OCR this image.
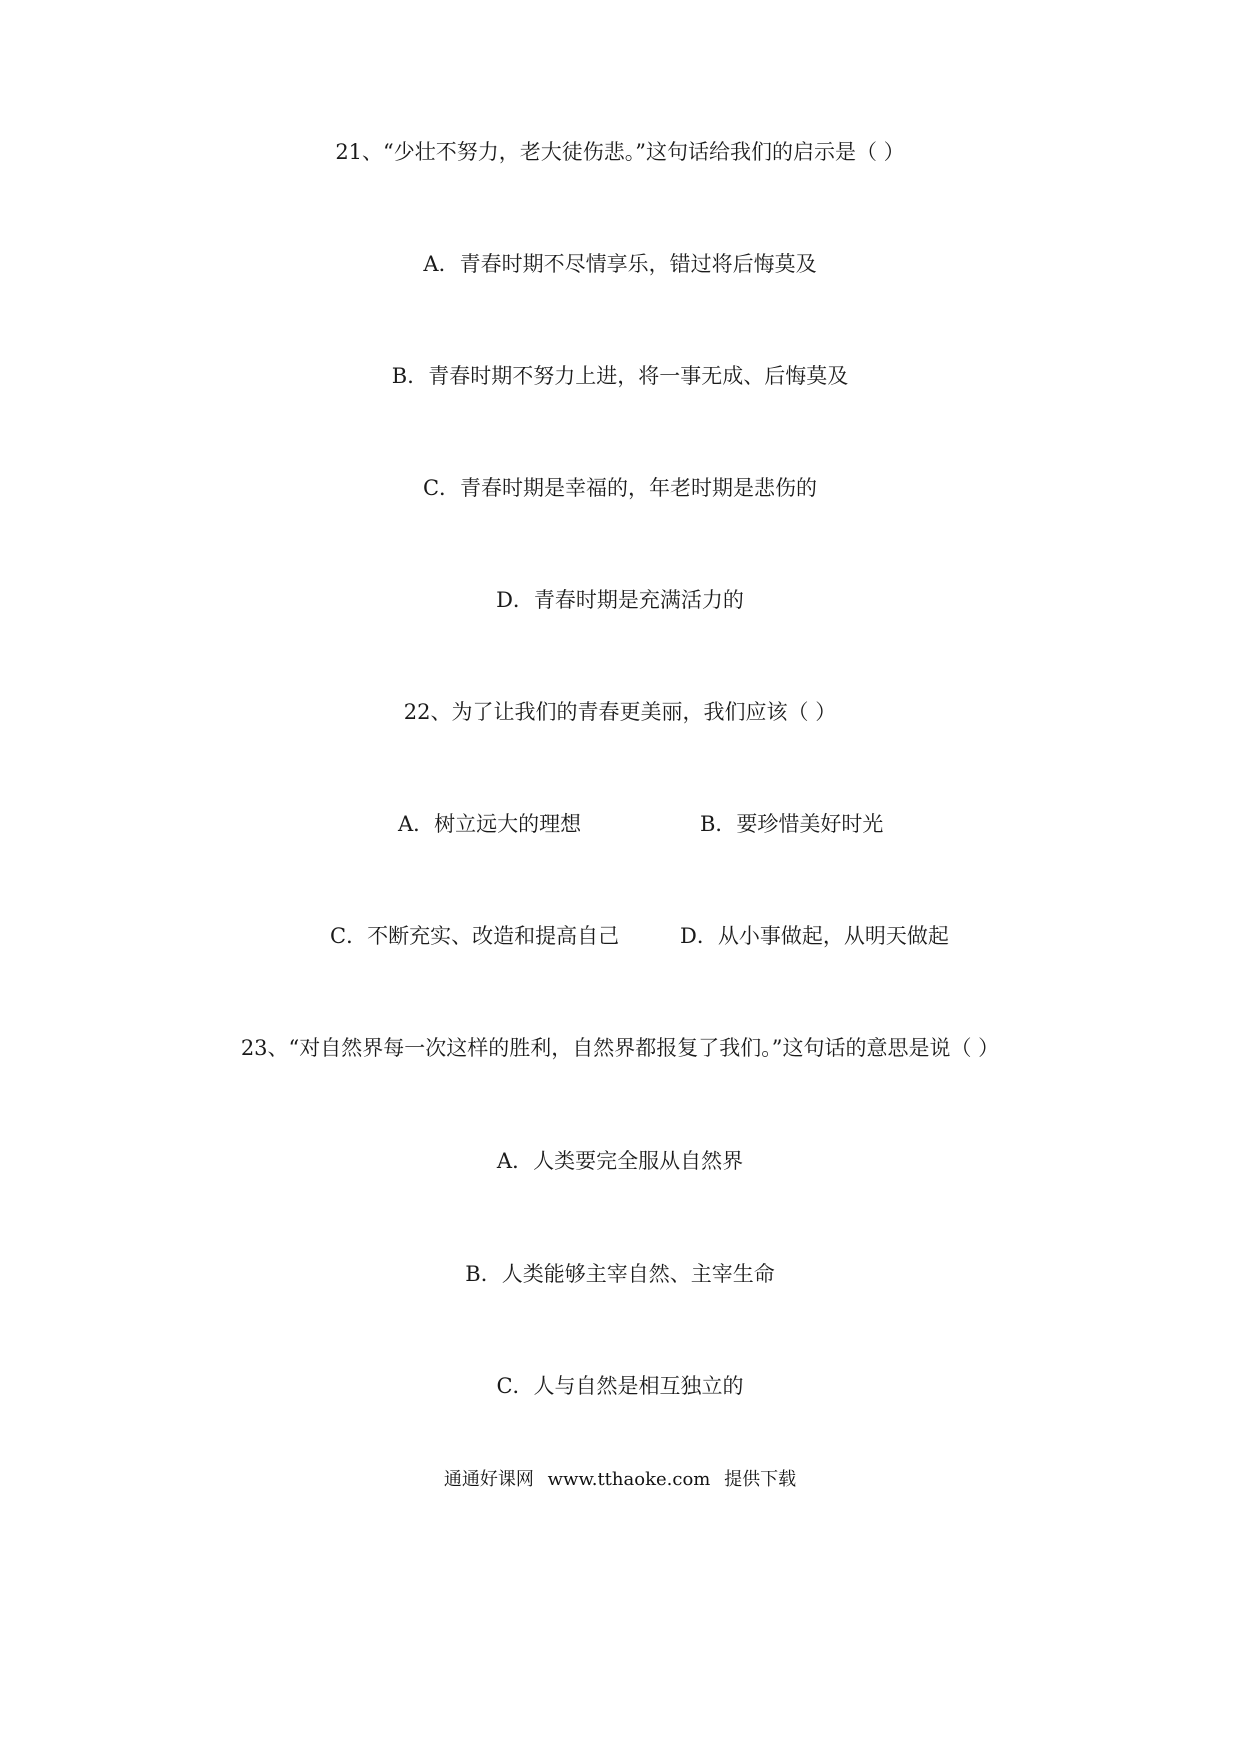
21、“少壮不努力，老大徒伤悲。”这句话给我们的启示是（ ）
A．青春时期不尽情享乐，错过将后悔莫及
B．青春时期不努力上进，将一事无成、后悔莫及
C．青春时期是幸福的，年老时期是悲伤的
D．青春时期是充满活力的
22、为了让我们的青春更美丽，我们应该（ ）
A．树立远大的理想	B．要珍惜美好时光
C．不断充实、改造和提高自己	D．从小事做起，从明天做起
23、“对自然界每一次这样的胜利，自然界都报复了我们。”这句话的意思是说（ ）
A．人类要完全服从自然界
B．人类能够主宰自然、主宰生命
C．人与自然是相互独立的
通通好课网 www.tthaoke.com 提供下载
